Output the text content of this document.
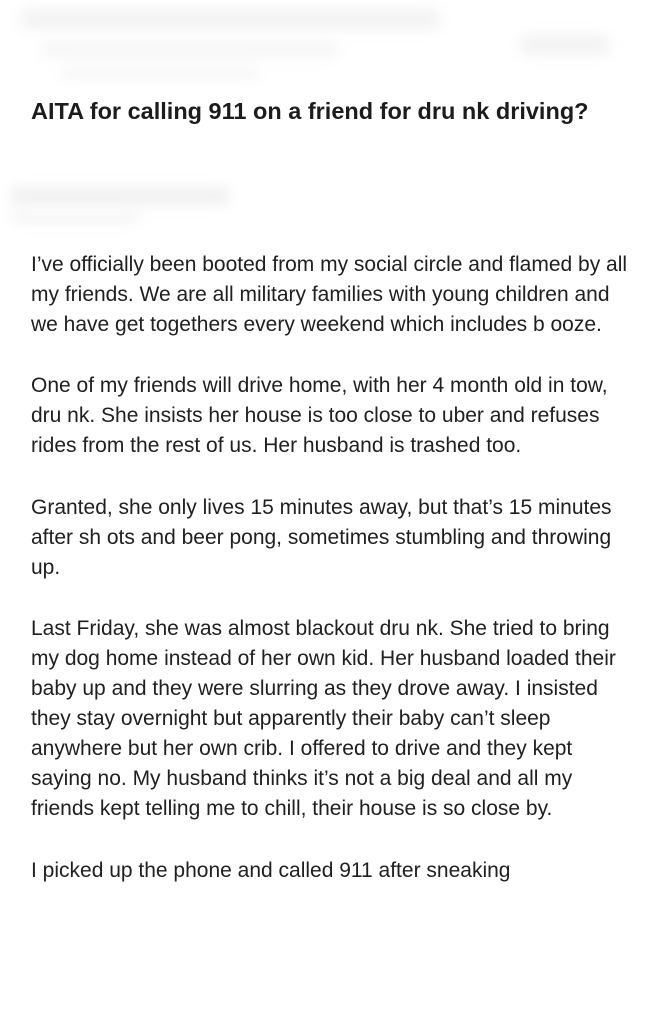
AITA for calling 911 on a friend for dru nk driving?

I’ve officially been booted from my social circle and flamed by all my friends. We are all military families with young children and we have get togethers every weekend which includes b ooze.

One of my friends will drive home, with her 4 month old in tow, dru nk. She insists her house is too close to uber and refuses rides from the rest of us. Her husband is trashed too.

Granted, she only lives 15 minutes away, but that’s 15 minutes after sh ots and beer pong, sometimes stumbling and throwing up.

Last Friday, she was almost blackout dru nk. She tried to bring my dog home instead of her own kid. Her husband loaded their baby up and they were slurring as they drove away. I insisted they stay overnight but apparently their baby can’t sleep anywhere but her own crib. I offered to drive and they kept saying no. My husband thinks it’s not a big deal and all my friends kept telling me to chill, their house is so close by.

I picked up the phone and called 911 after sneaking
